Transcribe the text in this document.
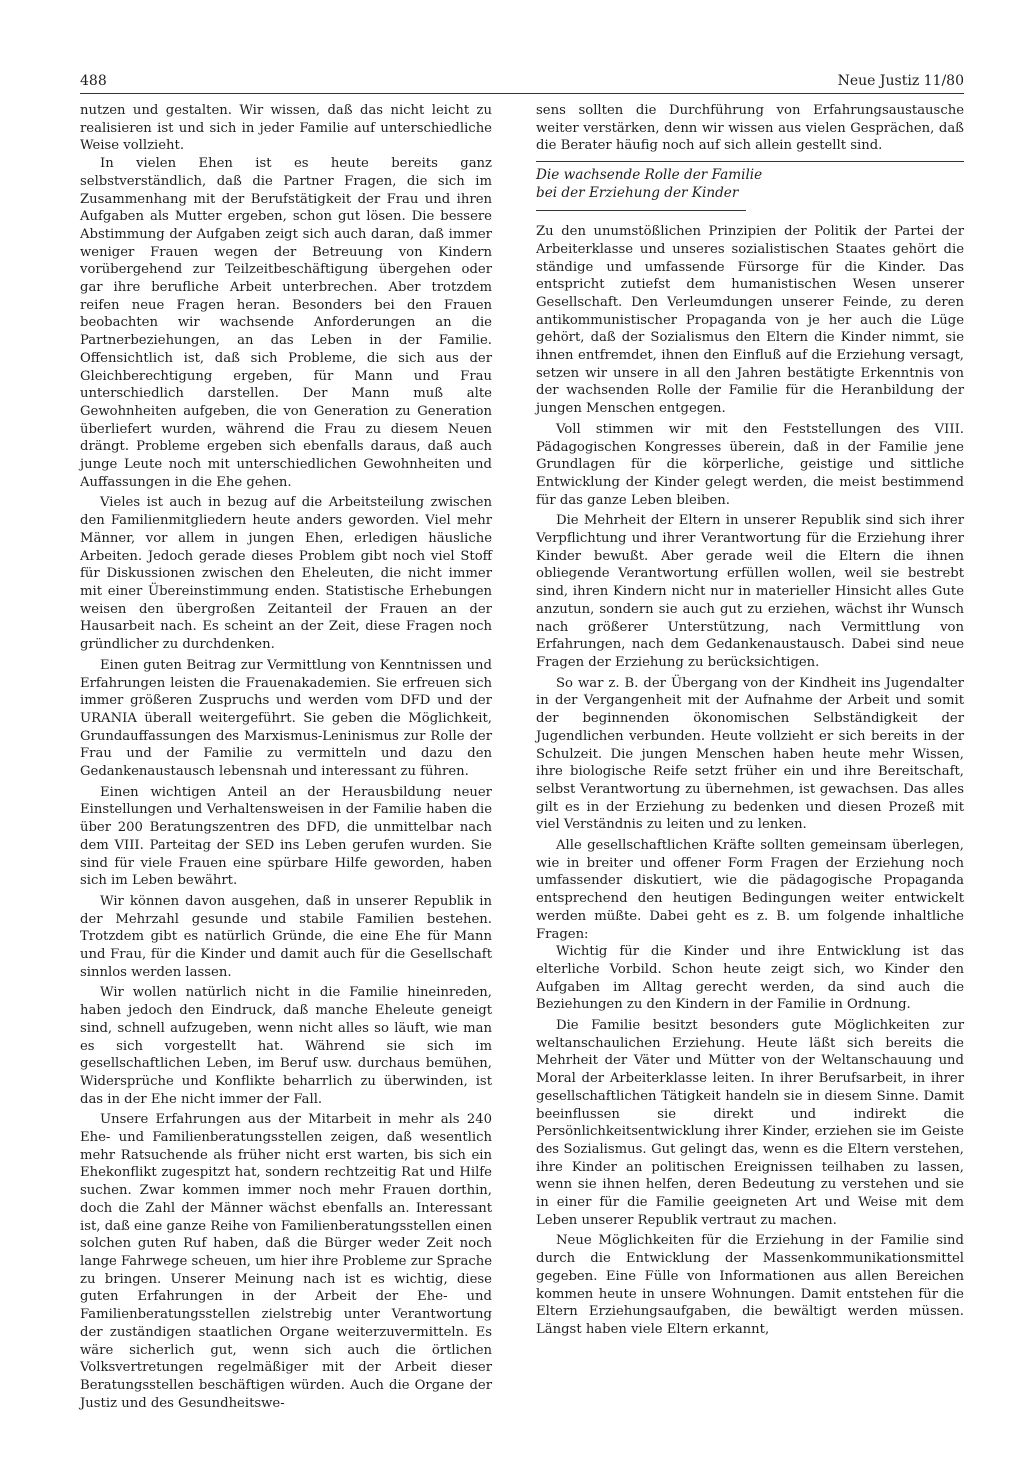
488	Neue Justiz 11/80

nutzen und gestalten. Wir wissen, daß das nicht leicht zu realisieren ist und sich in jeder Familie auf unterschiedliche Weise vollzieht.

In vielen Ehen ist es heute bereits ganz selbstverständlich, daß die Partner Fragen, die sich im Zusammenhang mit der Berufstätigkeit der Frau und ihren Aufgaben als Mutter ergeben, schon gut lösen. Die bessere Abstimmung der Aufgaben zeigt sich auch daran, daß immer weniger Frauen wegen der Betreuung von Kindern vorübergehend zur Teilzeitbeschäftigung übergehen oder gar ihre berufliche Arbeit unterbrechen. Aber trotzdem reifen neue Fragen heran. Besonders bei den Frauen beobachten wir wachsende Anforderungen an die Partnerbeziehungen, an das Leben in der Familie. Offensichtlich ist, daß sich Probleme, die sich aus der Gleichberechtigung ergeben, für Mann und Frau unterschiedlich darstellen. Der Mann muß alte Gewohnheiten aufgeben, die von Generation zu Generation überliefert wurden, während die Frau zu diesem Neuen drängt. Probleme ergeben sich ebenfalls daraus, daß auch junge Leute noch mit unterschiedlichen Gewohnheiten und Auffassungen in die Ehe gehen.

Vieles ist auch in bezug auf die Arbeitsteilung zwischen den Familienmitgliedern heute anders geworden. Viel mehr Männer, vor allem in jungen Ehen, erledigen häusliche Arbeiten. Jedoch gerade dieses Problem gibt noch viel Stoff für Diskussionen zwischen den Eheleuten, die nicht immer mit einer Übereinstimmung enden. Statistische Erhebungen weisen den übergroßen Zeitanteil der Frauen an der Hausarbeit nach. Es scheint an der Zeit, diese Fragen noch gründlicher zu durchdenken.

Einen guten Beitrag zur Vermittlung von Kenntnissen und Erfahrungen leisten die Frauenakademien. Sie erfreuen sich immer größeren Zuspruchs und werden vom DFD und der URANIA überall weitergeführt. Sie geben die Möglichkeit, Grundauffassungen des Marxismus-Leninismus zur Rolle der Frau und der Familie zu vermitteln und dazu den Gedankenaustausch lebensnah und interessant zu führen.

Einen wichtigen Anteil an der Herausbildung neuer Einstellungen und Verhaltensweisen in der Familie haben die über 200 Beratungszentren des DFD, die unmittelbar nach dem VIII. Parteitag der SED ins Leben gerufen wurden. Sie sind für viele Frauen eine spürbare Hilfe geworden, haben sich im Leben bewährt.

Wir können davon ausgehen, daß in unserer Republik in der Mehrzahl gesunde und stabile Familien bestehen. Trotzdem gibt es natürlich Gründe, die eine Ehe für Mann und Frau, für die Kinder und damit auch für die Gesellschaft sinnlos werden lassen.

Wir wollen natürlich nicht in die Familie hineinreden, haben jedoch den Eindruck, daß manche Eheleute geneigt sind, schnell aufzugeben, wenn nicht alles so läuft, wie man es sich vorgestellt hat. Während sie sich im gesellschaftlichen Leben, im Beruf usw. durchaus bemühen, Widersprüche und Konflikte beharrlich zu überwinden, ist das in der Ehe nicht immer der Fall.

Unsere Erfahrungen aus der Mitarbeit in mehr als 240 Ehe- und Familienberatungsstellen zeigen, daß wesentlich mehr Ratsuchende als früher nicht erst warten, bis sich ein Ehekonflikt zugespitzt hat, sondern rechtzeitig Rat und Hilfe suchen. Zwar kommen immer noch mehr Frauen dorthin, doch die Zahl der Männer wächst ebenfalls an. Interessant ist, daß eine ganze Reihe von Familienberatungsstellen einen solchen guten Ruf haben, daß die Bürger weder Zeit noch lange Fahrwege scheuen, um hier ihre Probleme zur Sprache zu bringen. Unserer Meinung nach ist es wichtig, diese guten Erfahrungen in der Arbeit der Ehe- und Familienberatungsstellen zielstrebig unter Verantwortung der zuständigen staatlichen Organe weiterzuvermitteln. Es wäre sicherlich gut, wenn sich auch die örtlichen Volksvertretungen regelmäßiger mit der Arbeit dieser Beratungsstellen beschäftigen würden. Auch die Organe der Justiz und des Gesundheitswe-

sens sollten die Durchführung von Erfahrungsaustausche weiter verstärken, denn wir wissen aus vielen Gesprächen, daß die Berater häufig noch auf sich allein gestellt sind.

Die wachsende Rolle der Familie
bei der Erziehung der Kinder

Zu den unumstößlichen Prinzipien der Politik der Partei der Arbeiterklasse und unseres sozialistischen Staates gehört die ständige und umfassende Fürsorge für die Kinder. Das entspricht zutiefst dem humanistischen Wesen unserer Gesellschaft. Den Verleumdungen unserer Feinde, zu deren antikommunistischer Propaganda von je her auch die Lüge gehört, daß der Sozialismus den Eltern die Kinder nimmt, sie ihnen entfremdet, ihnen den Einfluß auf die Erziehung versagt, setzen wir unsere in all den Jahren bestätigte Erkenntnis von der wachsenden Rolle der Familie für die Heranbildung der jungen Menschen entgegen.

Voll stimmen wir mit den Feststellungen des VIII. Pädagogischen Kongresses überein, daß in der Familie jene Grundlagen für die körperliche, geistige und sittliche Entwicklung der Kinder gelegt werden, die meist bestimmend für das ganze Leben bleiben.

Die Mehrheit der Eltern in unserer Republik sind sich ihrer Verpflichtung und ihrer Verantwortung für die Erziehung ihrer Kinder bewußt. Aber gerade weil die Eltern die ihnen obliegende Verantwortung erfüllen wollen, weil sie bestrebt sind, ihren Kindern nicht nur in materieller Hinsicht alles Gute anzutun, sondern sie auch gut zu erziehen, wächst ihr Wunsch nach größerer Unterstützung, nach Vermittlung von Erfahrungen, nach dem Gedankenaustausch. Dabei sind neue Fragen der Erziehung zu berücksichtigen.

So war z. B. der Übergang von der Kindheit ins Jugendalter in der Vergangenheit mit der Aufnahme der Arbeit und somit der beginnenden ökonomischen Selbständigkeit der Jugendlichen verbunden. Heute vollzieht er sich bereits in der Schulzeit. Die jungen Menschen haben heute mehr Wissen, ihre biologische Reife setzt früher ein und ihre Bereitschaft, selbst Verantwortung zu übernehmen, ist gewachsen. Das alles gilt es in der Erziehung zu bedenken und diesen Prozeß mit viel Verständnis zu leiten und zu lenken.

Alle gesellschaftlichen Kräfte sollten gemeinsam überlegen, wie in breiter und offener Form Fragen der Erziehung noch umfassender diskutiert, wie die pädagogische Propaganda entsprechend den heutigen Bedingungen weiter entwickelt werden müßte. Dabei geht es z. B. um folgende inhaltliche Fragen:

Wichtig für die Kinder und ihre Entwicklung ist das elterliche Vorbild. Schon heute zeigt sich, wo Kinder den Aufgaben im Alltag gerecht werden, da sind auch die Beziehungen zu den Kindern in der Familie in Ordnung.

Die Familie besitzt besonders gute Möglichkeiten zur weltanschaulichen Erziehung. Heute läßt sich bereits die Mehrheit der Väter und Mütter von der Weltanschauung und Moral der Arbeiterklasse leiten. In ihrer Berufsarbeit, in ihrer gesellschaftlichen Tätigkeit handeln sie in diesem Sinne. Damit beeinflussen sie direkt und indirekt die Persönlichkeitsentwicklung ihrer Kinder, erziehen sie im Geiste des Sozialismus. Gut gelingt das, wenn es die Eltern verstehen, ihre Kinder an politischen Ereignissen teilhaben zu lassen, wenn sie ihnen helfen, deren Bedeutung zu verstehen und sie in einer für die Familie geeigneten Art und Weise mit dem Leben unserer Republik vertraut zu machen.

Neue Möglichkeiten für die Erziehung in der Familie sind durch die Entwicklung der Massenkommunikationsmittel gegeben. Eine Fülle von Informationen aus allen Bereichen kommen heute in unsere Wohnungen. Damit entstehen für die Eltern Erziehungsaufgaben, die bewältigt werden müssen. Längst haben viele Eltern erkannt,
